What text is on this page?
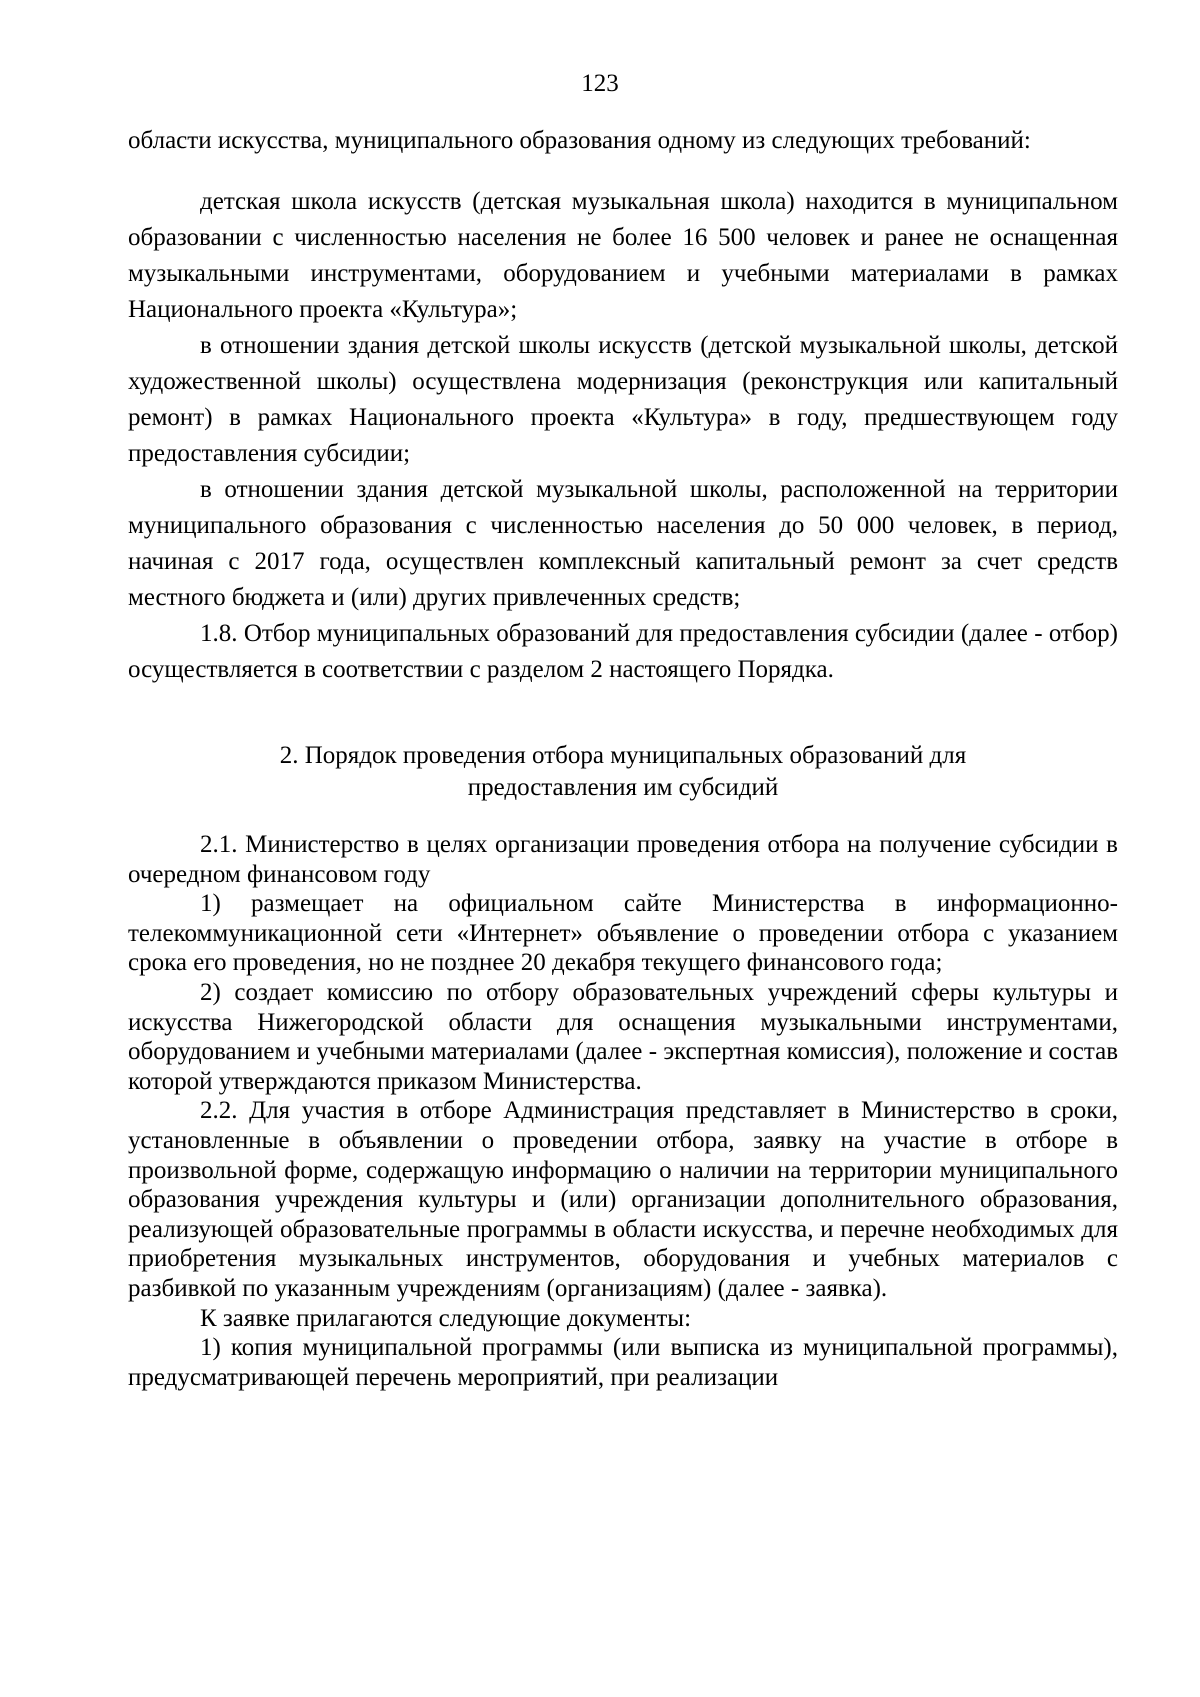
123

области искусства, муниципального образования одному из следующих требований:

детская школа искусств (детская музыкальная школа) находится в муниципальном образовании с численностью населения не более 16 500 человек и ранее не оснащенная музыкальными инструментами, оборудованием и учебными материалами в рамках Национального проекта «Культура»;

в отношении здания детской школы искусств (детской музыкальной школы, детской художественной школы) осуществлена модернизация (реконструкция или капитальный ремонт) в рамках Национального проекта «Культура» в году, предшествующем году предоставления субсидии;

в отношении здания детской музыкальной школы, расположенной на территории муниципального образования с численностью населения до 50 000 человек, в период, начиная с 2017 года, осуществлен комплексный капитальный ремонт за счет средств местного бюджета и (или) других привлеченных средств;

1.8. Отбор муниципальных образований для предоставления субсидии (далее - отбор) осуществляется в соответствии с разделом 2 настоящего Порядка.

2. Порядок проведения отбора муниципальных образований для

предоставления им субсидий

2.1. Министерство в целях организации проведения отбора на получение субсидии в очередном финансовом году

1) размещает на официальном сайте Министерства в информационно-телекоммуникационной сети «Интернет» объявление о проведении отбора с указанием срока его проведения, но не позднее 20 декабря текущего финансового года;

2) создает комиссию по отбору образовательных учреждений сферы культуры и искусства Нижегородской области для оснащения музыкальными инструментами, оборудованием и учебными материалами (далее - экспертная комиссия), положение и состав которой утверждаются приказом Министерства.

2.2. Для участия в отборе Администрация представляет в Министерство в сроки, установленные в объявлении о проведении отбора, заявку на участие в отборе в произвольной форме, содержащую информацию о наличии на территории муниципального образования учреждения культуры и (или) организации дополнительного образования, реализующей образовательные программы в области искусства, и перечне необходимых для приобретения музыкальных инструментов, оборудования и учебных материалов с разбивкой по указанным учреждениям (организациям) (далее - заявка).

К заявке прилагаются следующие документы:

1) копия муниципальной программы (или выписка из муниципальной программы), предусматривающей перечень мероприятий, при реализации
